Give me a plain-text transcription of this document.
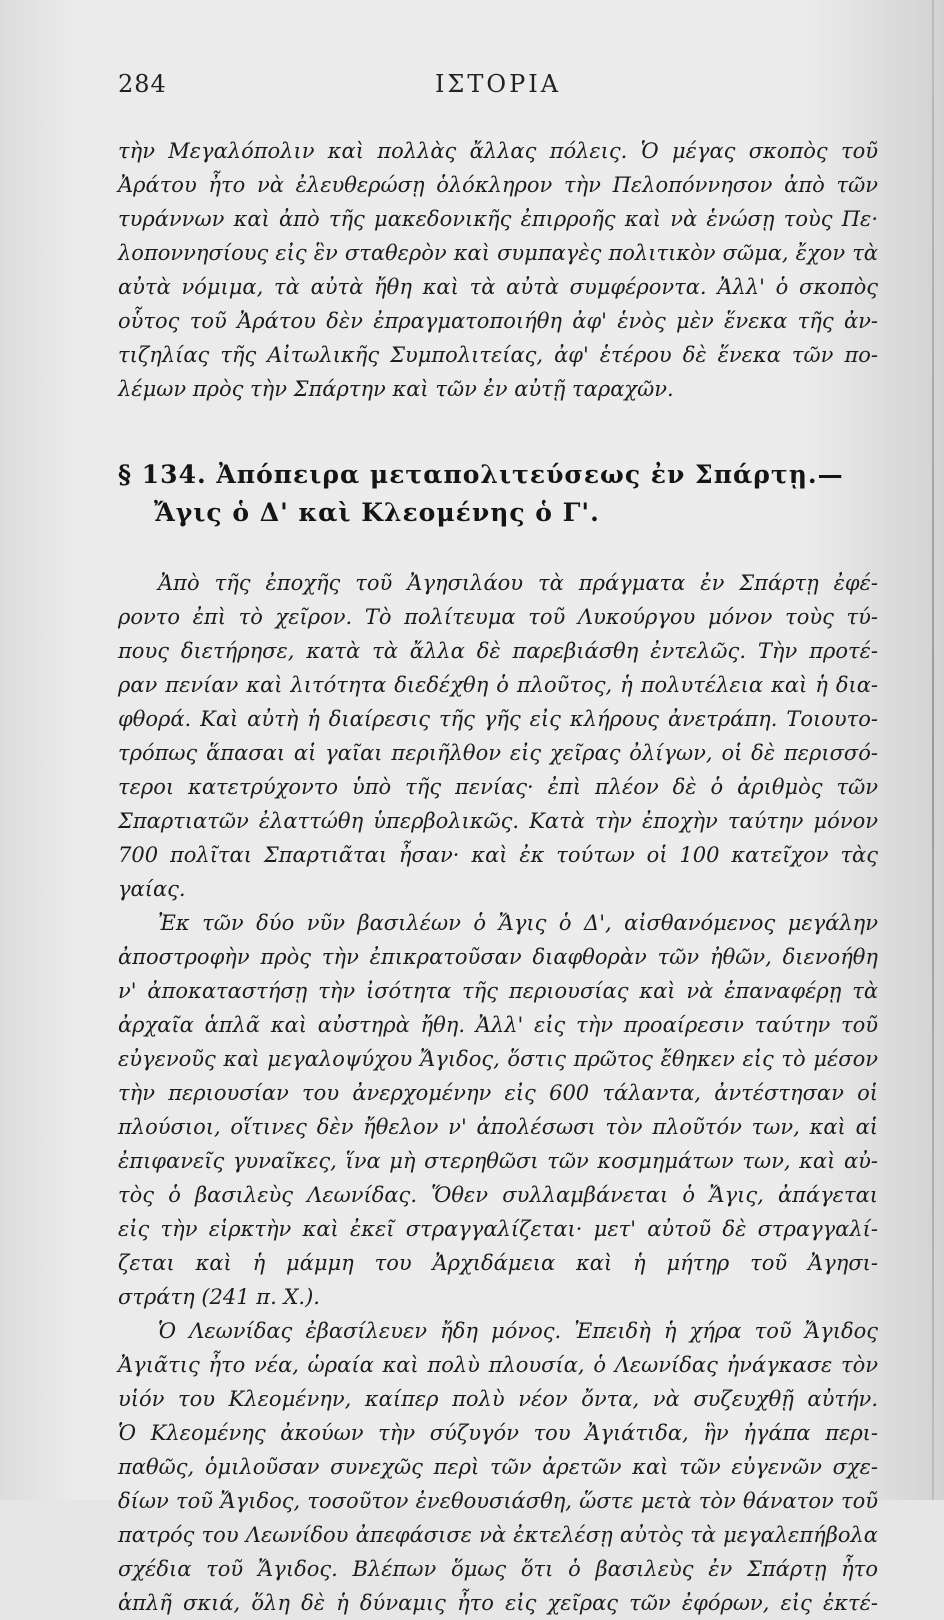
284	ΙΣΤΟΡΙΑ
τὴν Μεγαλόπολιν καὶ πολλὰς ἄλλας πόλεις. Ὁ μέγας σκοπὸς τοῦ
Ἀράτου ἦτο νὰ ἐλευθερώσῃ ὁλόκληρον τὴν Πελοπόννησον ἀπὸ τῶν
τυράννων καὶ ἀπὸ τῆς μακεδονικῆς ἐπιρροῆς καὶ νὰ ἑνώσῃ τοὺς Πε·
λοποννησίους εἰς ἓν σταθερὸν καὶ συμπαγὲς πολιτικὸν σῶμα, ἔχον τὰ
αὐτὰ νόμιμα, τὰ αὐτὰ ἤθη καὶ τὰ αὐτὰ συμφέροντα. Ἀλλ' ὁ σκοπὸς
οὗτος τοῦ Ἀράτου δὲν ἐπραγματοποιήθη ἀφ' ἑνὸς μὲν ἕνεκα τῆς ἀν-
τιζηλίας τῆς Αἰτωλικῆς Συμπολιτείας, ἀφ' ἑτέρου δὲ ἕνεκα τῶν πο-
λέμων πρὸς τὴν Σπάρτην καὶ τῶν ἐν αὐτῇ ταραχῶν.
§ 134. Ἀπόπειρα μεταπολιτεύσεως ἐν Σπάρτῃ.—
Ἄγις ὁ Δ' καὶ Κλεομένης ὁ Γ'.
Ἀπὸ τῆς ἐποχῆς τοῦ Ἀγησιλάου τὰ πράγματα ἐν Σπάρτῃ ἐφέ-
ροντο ἐπὶ τὸ χεῖρον. Τὸ πολίτευμα τοῦ Λυκούργου μόνον τοὺς τύ-
πους διετήρησε, κατὰ τὰ ἄλλα δὲ παρεβιάσθη ἐντελῶς. Τὴν προτέ-
ραν πενίαν καὶ λιτότητα διεδέχθη ὁ πλοῦτος, ἡ πολυτέλεια καὶ ἡ δια-
φθορά. Καὶ αὐτὴ ἡ διαίρεσις τῆς γῆς εἰς κλήρους ἀνετράπη. Τοιουτο-
τρόπως ἅπασαι αἱ γαῖαι περιῆλθον εἰς χεῖρας ὀλίγων, οἱ δὲ περισσό-
τεροι κατετρύχοντο ὑπὸ τῆς πενίας· ἐπὶ πλέον δὲ ὁ ἀριθμὸς τῶν
Σπαρτιατῶν ἐλαττώθη ὑπερβολικῶς. Κατὰ τὴν ἐποχὴν ταύτην μόνον
700 πολῖται Σπαρτιᾶται ἦσαν· καὶ ἐκ τούτων οἱ 100 κατεῖχον τὰς
γαίας.
Ἐκ τῶν δύο νῦν βασιλέων ὁ Ἄγις ὁ Δ', αἰσθανόμενος μεγάλην
ἀποστροφὴν πρὸς τὴν ἐπικρατοῦσαν διαφθορὰν τῶν ἠθῶν, διενοήθη
ν' ἀποκαταστήσῃ τὴν ἰσότητα τῆς περιουσίας καὶ νὰ ἐπαναφέρῃ τὰ
ἀρχαῖα ἁπλᾶ καὶ αὐστηρὰ ἤθη. Ἀλλ' εἰς τὴν προαίρεσιν ταύτην τοῦ
εὐγενοῦς καὶ μεγαλοψύχου Ἄγιδος, ὅστις πρῶτος ἔθηκεν εἰς τὸ μέσον
τὴν περιουσίαν του ἀνερχομένην εἰς 600 τάλαντα, ἀντέστησαν οἱ
πλούσιοι, οἵτινες δὲν ἤθελον ν' ἀπολέσωσι τὸν πλοῦτόν των, καὶ αἱ
ἐπιφανεῖς γυναῖκες, ἵνα μὴ στερηθῶσι τῶν κοσμημάτων των, καὶ αὐ-
τὸς ὁ βασιλεὺς Λεωνίδας. Ὅθεν συλλαμβάνεται ὁ Ἄγις, ἀπάγεται
εἰς τὴν εἱρκτὴν καὶ ἐκεῖ στραγγαλίζεται· μετ' αὐτοῦ δὲ στραγγαλί-
ζεται καὶ ἡ μάμμη του Ἀρχιδάμεια καὶ ἡ μήτηρ τοῦ Ἀγησι-
στράτη (241 π. Χ.).
Ὁ Λεωνίδας ἐβασίλευεν ἤδη μόνος. Ἐπειδὴ ἡ χήρα τοῦ Ἄγιδος
Ἀγιᾶτις ἦτο νέα, ὡραία καὶ πολὺ πλουσία, ὁ Λεωνίδας ἠνάγκασε τὸν
υἱόν του Κλεομένην, καίπερ πολὺ νέον ὄντα, νὰ συζευχθῇ αὐτήν.
Ὁ Κλεομένης ἀκούων τὴν σύζυγόν του Ἀγιάτιδα, ἣν ἠγάπα περι-
παθῶς, ὁμιλοῦσαν συνεχῶς περὶ τῶν ἀρετῶν καὶ τῶν εὐγενῶν σχε-
δίων τοῦ Ἄγιδος, τοσοῦτον ἐνεθουσιάσθη, ὥστε μετὰ τὸν θάνατον τοῦ
πατρός του Λεωνίδου ἀπεφάσισε νὰ ἐκτελέσῃ αὐτὸς τὰ μεγαλεπήβολα
σχέδια τοῦ Ἄγιδος. Βλέπων ὅμως ὅτι ὁ βασιλεὺς ἐν Σπάρτῃ ἦτο
ἁπλῆ σκιά, ὅλη δὲ ἡ δύναμις ἦτο εἰς χεῖρας τῶν ἐφόρων, εἰς ἐκτέ-
